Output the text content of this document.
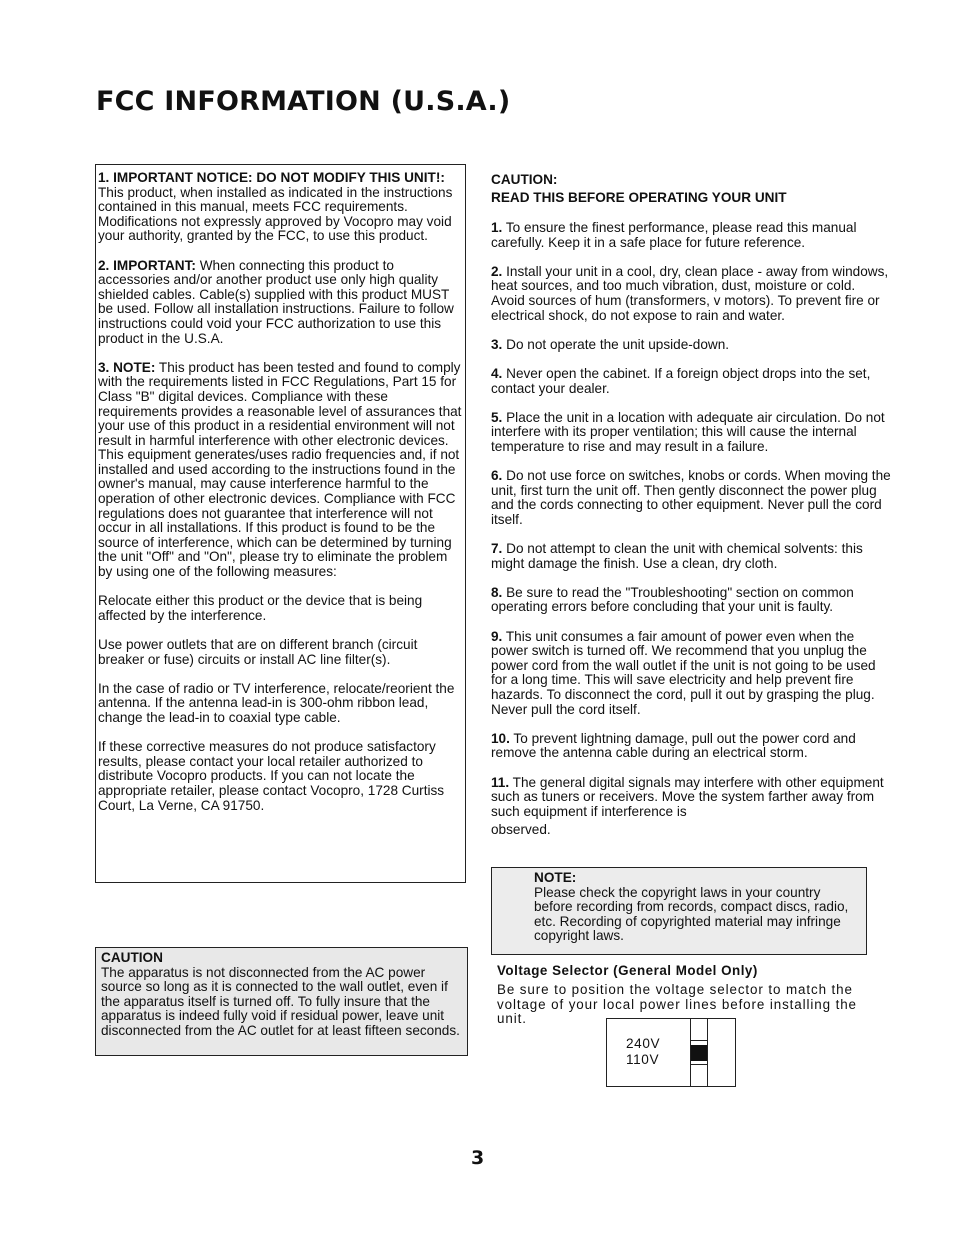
FCC INFORMATION (U.S.A.)

1. IMPORTANT NOTICE: DO NOT MODIFY THIS UNIT!: This product, when installed as indicated in the instructions contained in this manual, meets FCC requirements. Modifications not expressly approved by Vocopro may void your authority, granted by the FCC, to use this product.

2. IMPORTANT: When connecting this product to accessories and/or another product use only high quality shielded cables. Cable(s) supplied with this product MUST be used. Follow all installation instructions. Failure to follow instructions could void your FCC authorization to use this product in the U.S.A.

3. NOTE: This product has been tested and found to comply with the requirements listed in FCC Regulations, Part 15 for Class "B" digital devices. Compliance with these requirements provides a reasonable level of assurances that your use of this product in a residential environment will not result in harmful interference with other electronic devices. This equipment generates/uses radio frequencies and, if not installed and used according to the instructions found in the owner's manual, may cause interference harmful to the operation of other electronic devices. Compliance with FCC regulations does not guarantee that interference will not occur in all installations. If this product is found to be the source of interference, which can be determined by turning the unit "Off" and "On", please try to eliminate the problem by using one of the following measures:

Relocate either this product or the device that is being affected by the interference.

Use power outlets that are on different branch (circuit breaker or fuse) circuits or install AC line filter(s).

In the case of radio or TV interference, relocate/reorient the antenna. If the antenna lead-in is 300-ohm ribbon lead, change the lead-in to coaxial type cable.

If these corrective measures do not produce satisfactory results, please contact your local retailer authorized to distribute Vocopro products. If you can not locate the appropriate retailer, please contact Vocopro, 1728 Curtiss Court, La Verne, CA 91750.

CAUTION
The apparatus is not disconnected from the AC power source so long as it is connected to the wall outlet, even if the apparatus itself is turned off. To fully insure that the apparatus is indeed fully void if residual power, leave unit disconnected from the AC outlet for at least fifteen seconds.
CAUTION:
READ THIS BEFORE OPERATING YOUR UNIT

1. To ensure the finest performance, please read this manual carefully. Keep it in a safe place for future reference.

2. Install your unit in a cool, dry, clean place - away from windows, heat sources, and too much vibration, dust, moisture or cold. Avoid sources of hum (transformers, v motors). To prevent fire or electrical shock, do not expose to rain and water.

3. Do not operate the unit upside-down.

4. Never open the cabinet. If a foreign object drops into the set, contact your dealer.

5. Place the unit in a location with adequate air circulation. Do not interfere with its proper ventilation; this will cause the internal temperature to rise and may result in a failure.

6. Do not use force on switches, knobs or cords. When moving the unit, first turn the unit off. Then gently disconnect the power plug and the cords connecting to other equipment. Never pull the cord itself.

7. Do not attempt to clean the unit with chemical solvents: this might damage the finish. Use a clean, dry cloth.

8. Be sure to read the "Troubleshooting" section on common operating errors before concluding that your unit is faulty.

9. This unit consumes a fair amount of power even when the power switch is turned off. We recommend that you unplug the power cord from the wall outlet if the unit is not going to be used for a long time. This will save electricity and help prevent fire hazards. To disconnect the cord, pull it out by grasping the plug. Never pull the cord itself.

10. To prevent lightning damage, pull out the power cord and remove the antenna cable during an electrical storm.

11. The general digital signals may interfere with other equipment such as tuners or receivers. Move the system farther away from such equipment if interference is

observed.

NOTE:
Please check the copyright laws in your country before recording from records, compact discs, radio, etc. Recording of copyrighted material may infringe copyright laws.
Voltage Selector (General Model Only)
Be sure to position the voltage selector to match the voltage of your local power lines before installing the unit.
240V
110V
3
